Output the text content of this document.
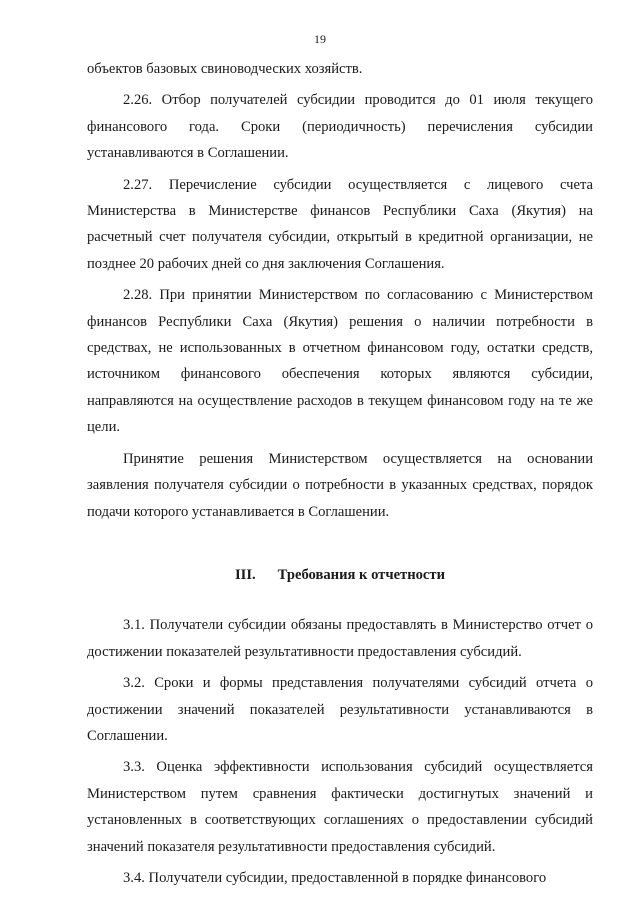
19

объектов базовых свиноводческих хозяйств.

2.26. Отбор получателей субсидии проводится до 01 июля текущего финансового года. Сроки (периодичность) перечисления субсидии устанавливаются в Соглашении.

2.27. Перечисление субсидии осуществляется с лицевого счета Министерства в Министерстве финансов Республики Саха (Якутия) на расчетный счет получателя субсидии, открытый в кредитной организации, не позднее 20 рабочих дней со дня заключения Соглашения.

2.28. При принятии Министерством по согласованию с Министерством финансов Республики Саха (Якутия) решения о наличии потребности в средствах, не использованных в отчетном финансовом году, остатки средств, источником финансового обеспечения которых являются субсидии, направляются на осуществление расходов в текущем финансовом году на те же цели.

Принятие решения Министерством осуществляется на основании заявления получателя субсидии о потребности в указанных средствах, порядок подачи которого устанавливается в Соглашении.

III. Требования к отчетности

3.1. Получатели субсидии обязаны предоставлять в Министерство отчет о достижении показателей результативности предоставления субсидий.

3.2. Сроки и формы представления получателями субсидий отчета о достижении значений показателей результативности устанавливаются в Соглашении.

3.3. Оценка эффективности использования субсидий осуществляется Министерством путем сравнения фактически достигнутых значений и установленных в соответствующих соглашениях о предоставлении субсидий значений показателя результативности предоставления субсидий.

3.4. Получатели субсидии, предоставленной в порядке финансового
